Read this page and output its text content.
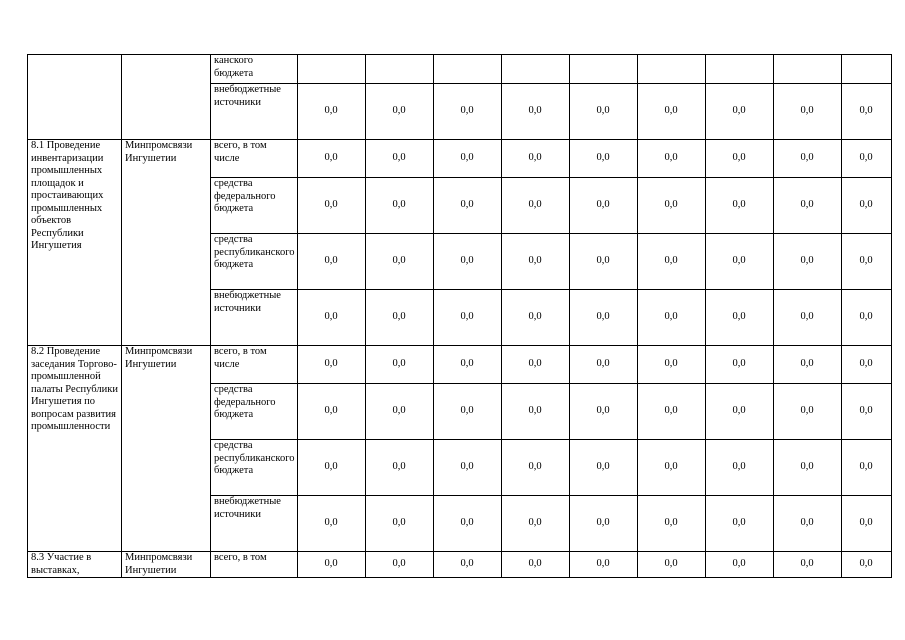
		канского бюджета									
		внебюджетные источники	0,0	0,0	0,0	0,0	0,0	0,0	0,0	0,0	0,0
8.1 Проведение инвентаризации промышленных площадок и простаивающих промышленных объектов Республики Ингушетия	Минпромсвязи Ингушетии	всего, в том числе	0,0	0,0	0,0	0,0	0,0	0,0	0,0	0,0	0,0
		средства федерального бюджета	0,0	0,0	0,0	0,0	0,0	0,0	0,0	0,0	0,0
		средства республиканского бюджета	0,0	0,0	0,0	0,0	0,0	0,0	0,0	0,0	0,0
		внебюджетные источники	0,0	0,0	0,0	0,0	0,0	0,0	0,0	0,0	0,0
8.2 Проведение заседания Торгово-промышленной палаты Республики Ингушетия по вопросам развития промышленности	Минпромсвязи Ингушетии	всего, в том числе	0,0	0,0	0,0	0,0	0,0	0,0	0,0	0,0	0,0
		средства федерального бюджета	0,0	0,0	0,0	0,0	0,0	0,0	0,0	0,0	0,0
		средства республиканского бюджета	0,0	0,0	0,0	0,0	0,0	0,0	0,0	0,0	0,0
		внебюджетные источники	0,0	0,0	0,0	0,0	0,0	0,0	0,0	0,0	0,0
8.3 Участие в выставках,	Минпромсвязи Ингушетии	всего, в том	0,0	0,0	0,0	0,0	0,0	0,0	0,0	0,0	0,0
